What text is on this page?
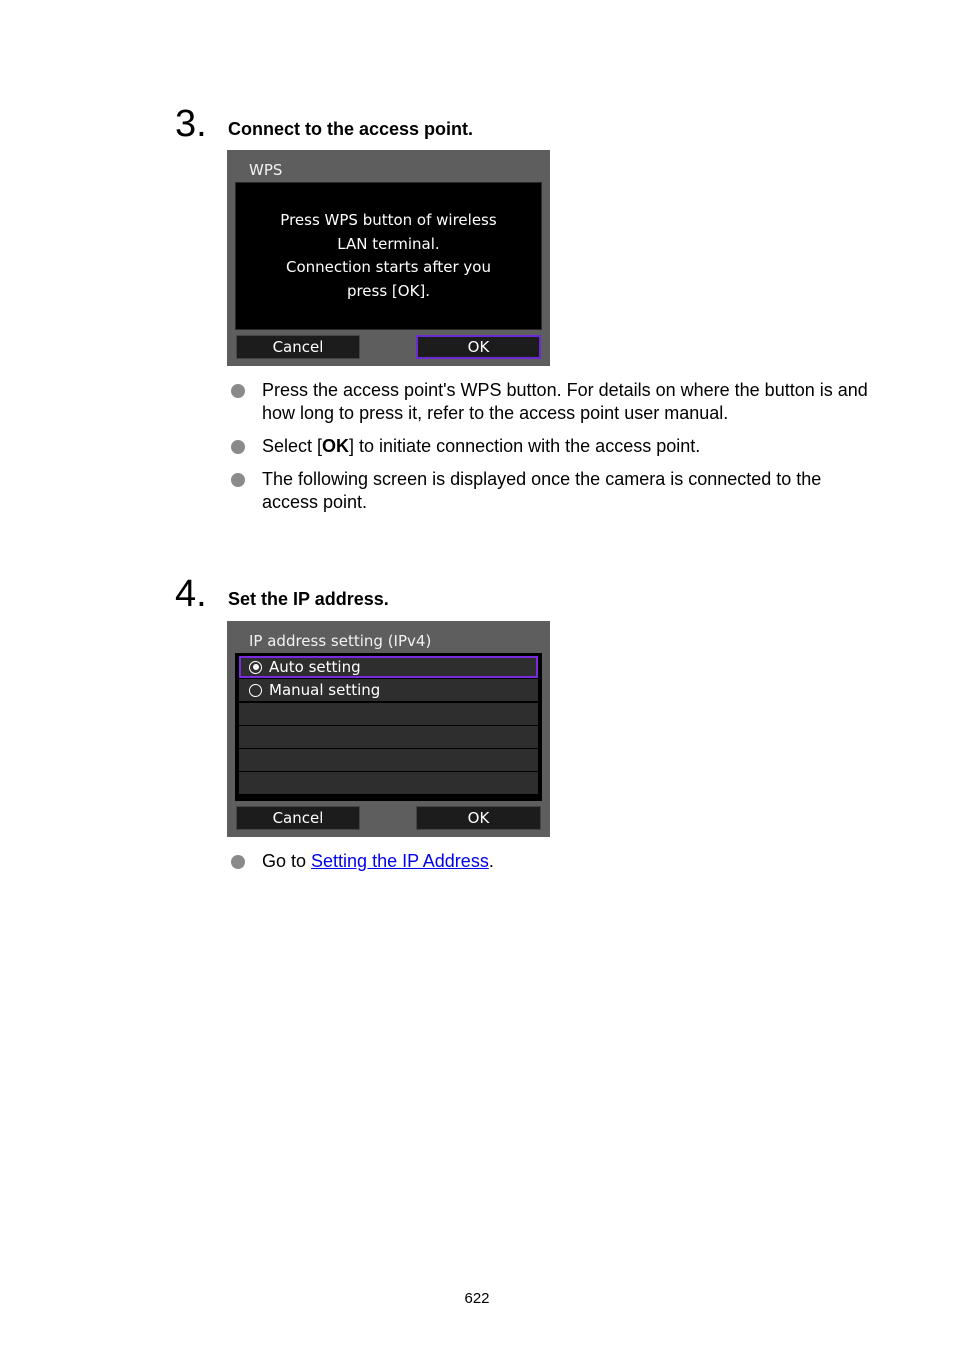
3. Connect to the access point.
WPS
Press WPS button of wireless
LAN terminal.
Connection starts after you
press [OK].
Cancel	OK
Press the access point's WPS button. For details on where the button is and how long to press it, refer to the access point user manual.
Select [OK] to initiate connection with the access point.
The following screen is displayed once the camera is connected to the access point.
4. Set the IP address.
IP address setting (IPv4)
Auto setting
Manual setting
Cancel	OK
Go to Setting the IP Address.
622
